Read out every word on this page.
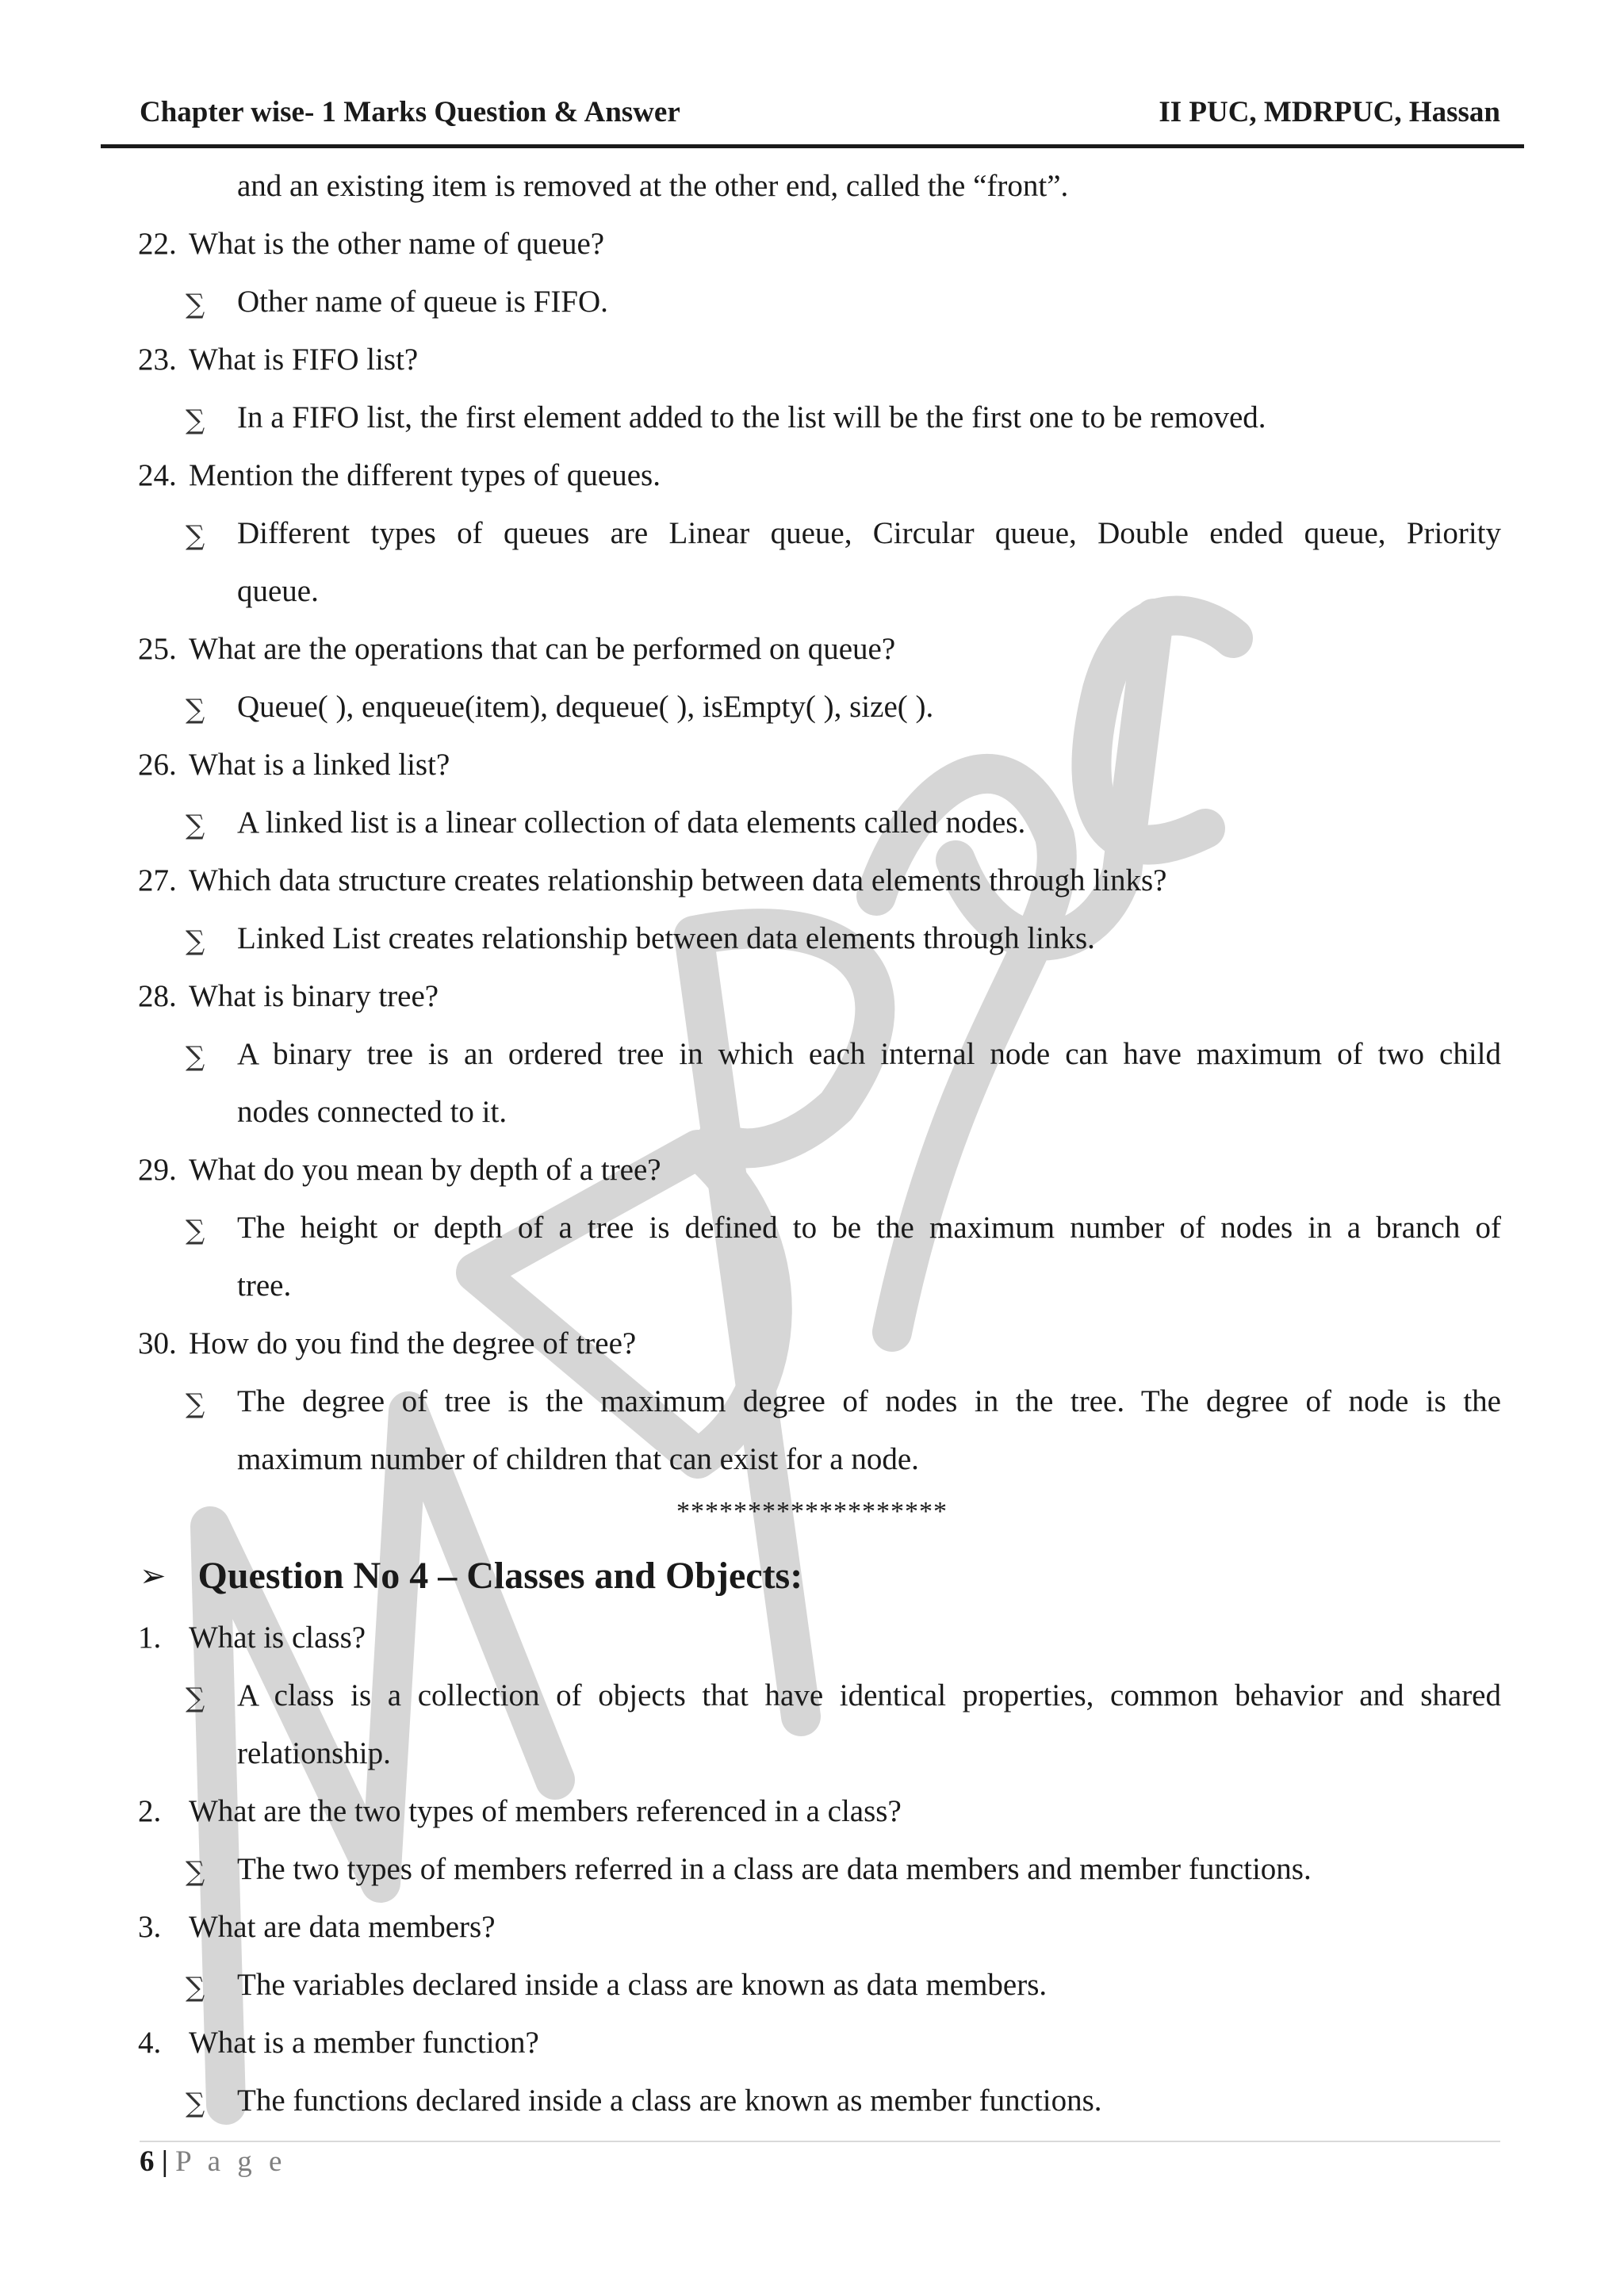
Chapter wise- 1 Marks Question & Answer	II PUC, MDRPUC, Hassan
and an existing item is removed at the other end, called the “front”.
22. What is the other name of queue?
∑ Other name of queue is FIFO.
23. What is FIFO list?
∑ In a FIFO list, the first element added to the list will be the first one to be removed.
24. Mention the different types of queues.
∑ Different types of queues are Linear queue, Circular queue, Double ended queue, Priority
queue.
25. What are the operations that can be performed on queue?
∑ Queue( ), enqueue(item), dequeue( ), isEmpty( ), size( ).
26. What is a linked list?
∑ A linked list is a linear collection of data elements called nodes.
27. Which data structure creates relationship between data elements through links?
∑ Linked List creates relationship between data elements through links.
28. What is binary tree?
∑ A binary tree is an ordered tree in which each internal node can have maximum of two child
nodes connected to it.
29. What do you mean by depth of a tree?
∑ The height or depth of a tree is defined to be the maximum number of nodes in a branch of
tree.
30. How do you find the degree of tree?
∑ The degree of tree is the maximum degree of nodes in the tree. The degree of node is the
maximum number of children that can exist for a node.
*******************
➢ Question No 4 – Classes and Objects:
1. What is class?
∑ A class is a collection of objects that have identical properties, common behavior and shared
relationship.
2. What are the two types of members referenced in a class?
∑ The two types of members referred in a class are data members and member functions.
3. What are data members?
∑ The variables declared inside a class are known as data members.
4. What is a member function?
∑ The functions declared inside a class are known as member functions.
6 | P a g e
